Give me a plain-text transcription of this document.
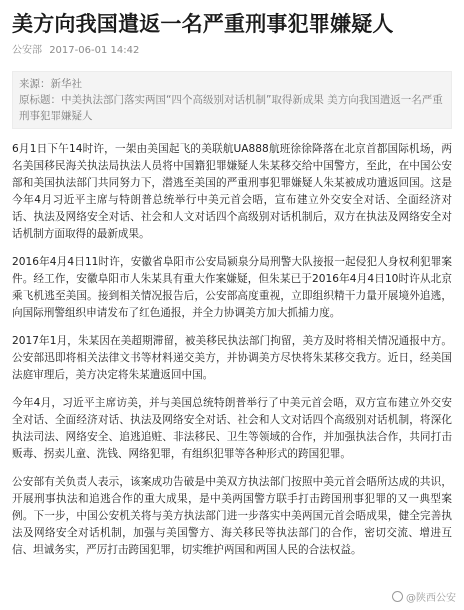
美方向我国遣返一名严重刑事犯罪嫌疑人
公安部 2017-06-01 14:42
来源：新华社
原标题：中美执法部门落实两国“四个高级别对话机制”取得新成果 美方向我国遣返一名严重刑事犯罪嫌疑人

6月1日下午14时许，一架由美国起飞的美联航UA888航班徐徐降落在北京首都国际机场，两名美国移民海关执法局执法人员将中国籍犯罪嫌疑人朱某移交给中国警方，至此，在中国公安部和美国执法部门共同努力下，潜逃至美国的严重刑事犯罪嫌疑人朱某被成功遣返回国。这是今年4月习近平主席与特朗普总统举行中美元首会晤，宣布建立外交安全对话、全面经济对话、执法及网络安全对话、社会和人文对话四个高级别对话机制后，双方在执法及网络安全对话机制方面取得的最新成果。

2016年4月4日11时许，安徽省阜阳市公安局颍泉分局刑警大队接报一起侵犯人身权利犯罪案件。经工作，安徽阜阳市人朱某具有重大作案嫌疑，但朱某已于2016年4月4日10时许从北京乘飞机逃至美国。接到相关情况报告后，公安部高度重视，立即组织精干力量开展境外追逃，向国际刑警组织申请发布了红色通报，并全力协调美方加大抓捕力度。

2017年1月，朱某因在美超期滞留，被美移民执法部门拘留，美方及时将相关情况通报中方。公安部迅即将相关法律文书等材料递交美方，并协调美方尽快将朱某移交我方。近日，经美国法庭审理后，美方决定将朱某遣返回中国。

今年4月，习近平主席访美，并与美国总统特朗普举行了中美元首会晤，双方宣布建立外交安全对话、全面经济对话、执法及网络安全对话、社会和人文对话四个高级别对话机制，将深化执法司法、网络安全、追逃追赃、非法移民、卫生等领域的合作，并加强执法合作，共同打击贩毒、拐卖儿童、洗钱、网络犯罪，有组织犯罪等各种形式的跨国犯罪。

公安部有关负责人表示，该案成功告破是中美双方执法部门按照中美元首会晤所达成的共识，开展刑事执法和追逃合作的重大成果，是中美两国警方联手打击跨国刑事犯罪的又一典型案例。下一步，中国公安机关将与美方执法部门进一步落实中美两国元首会晤成果，健全完善执法及网络安全对话机制，加强与美国警方、海关移民等执法部门的合作，密切交流、增进互信、坦诚务实，严厉打击跨国犯罪，切实维护两国和两国人民的合法权益。

@陕西公安
